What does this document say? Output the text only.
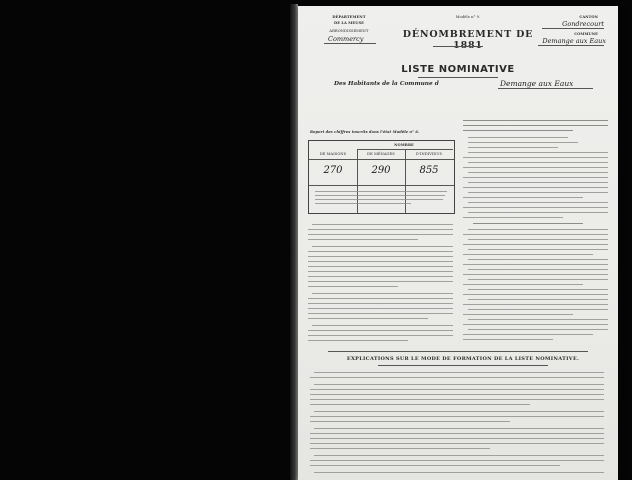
DÉPARTEMENT
DE LA MEUSE
ARRONDISSEMENT
Commercy
Modèle n° 9.	CANTON
Gondrecourt
COMMUNE
Demange aux Eaux
DÉNOMBREMENT DE 1881
LISTE NOMINATIVE
Des Habitants de la Commune d	Demange aux Eaux
Report des chiffres inscrits dans l'état Modèle n° 6.
NOMBRE
DE MAISONS	DE MÉNAGES	D'INDIVIDUS
270	290	855
EXPLICATIONS SUR LE MODE DE FORMATION DE LA LISTE NOMINATIVE.
